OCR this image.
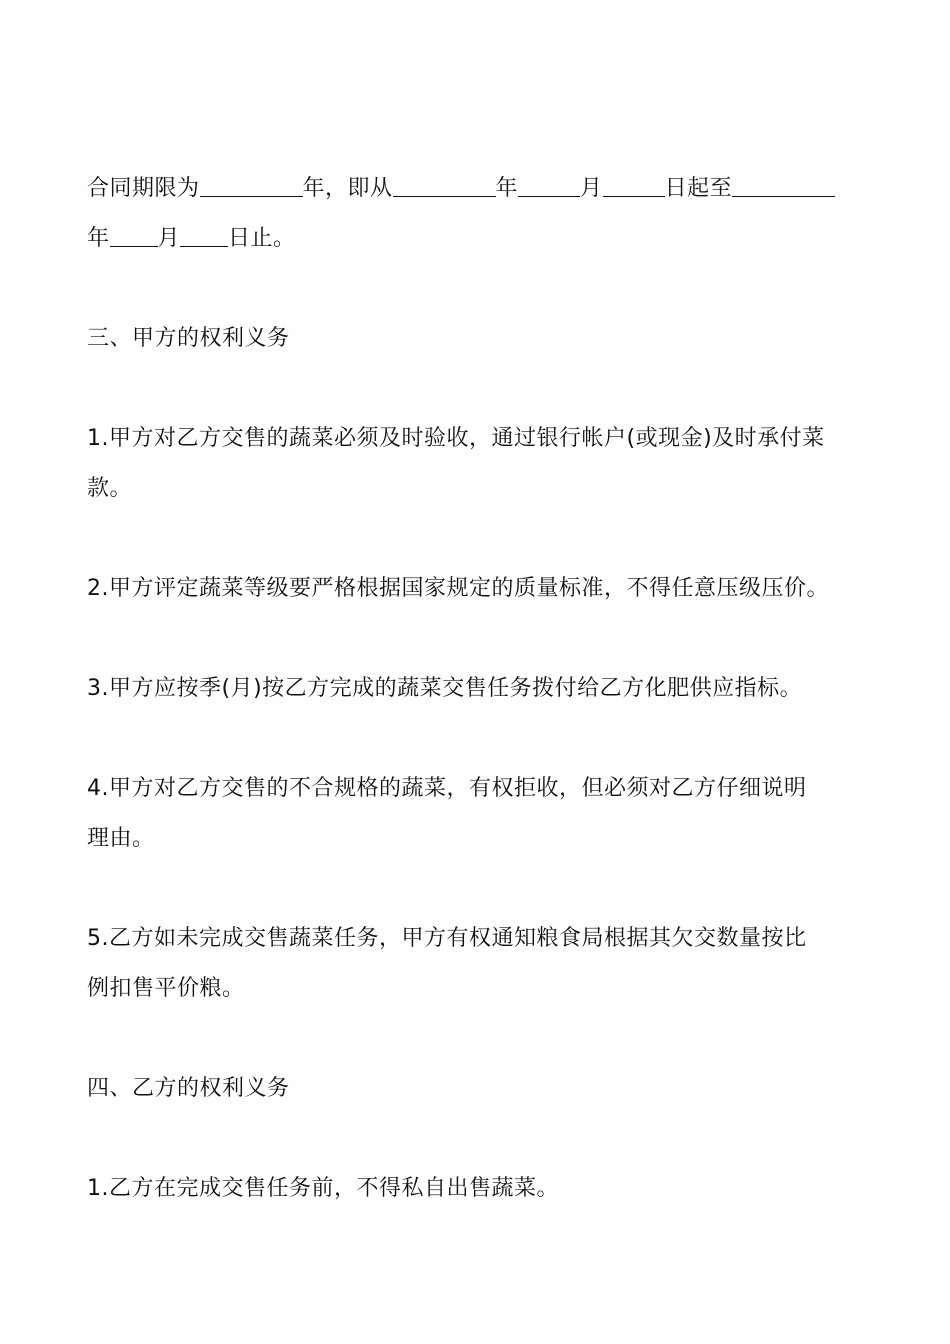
合同期限为	年，即从	年	月	日起至

年 月 日止。

三、甲方的权利义务

1.甲方对乙方交售的蔬菜必须及时验收，通过银行帐户(或现金)及时承付菜

款。

2.甲方评定蔬菜等级要严格根据国家规定的质量标准，不得任意压级压价。

3.甲方应按季(月)按乙方完成的蔬菜交售任务拨付给乙方化肥供应指标。

4.甲方对乙方交售的不合规格的蔬菜，有权拒收，但必须对乙方仔细说明

理由。

5.乙方如未完成交售蔬菜任务，甲方有权通知粮食局根据其欠交数量按比

例扣售平价粮。

四、乙方的权利义务

1.乙方在完成交售任务前，不得私自出售蔬菜。
